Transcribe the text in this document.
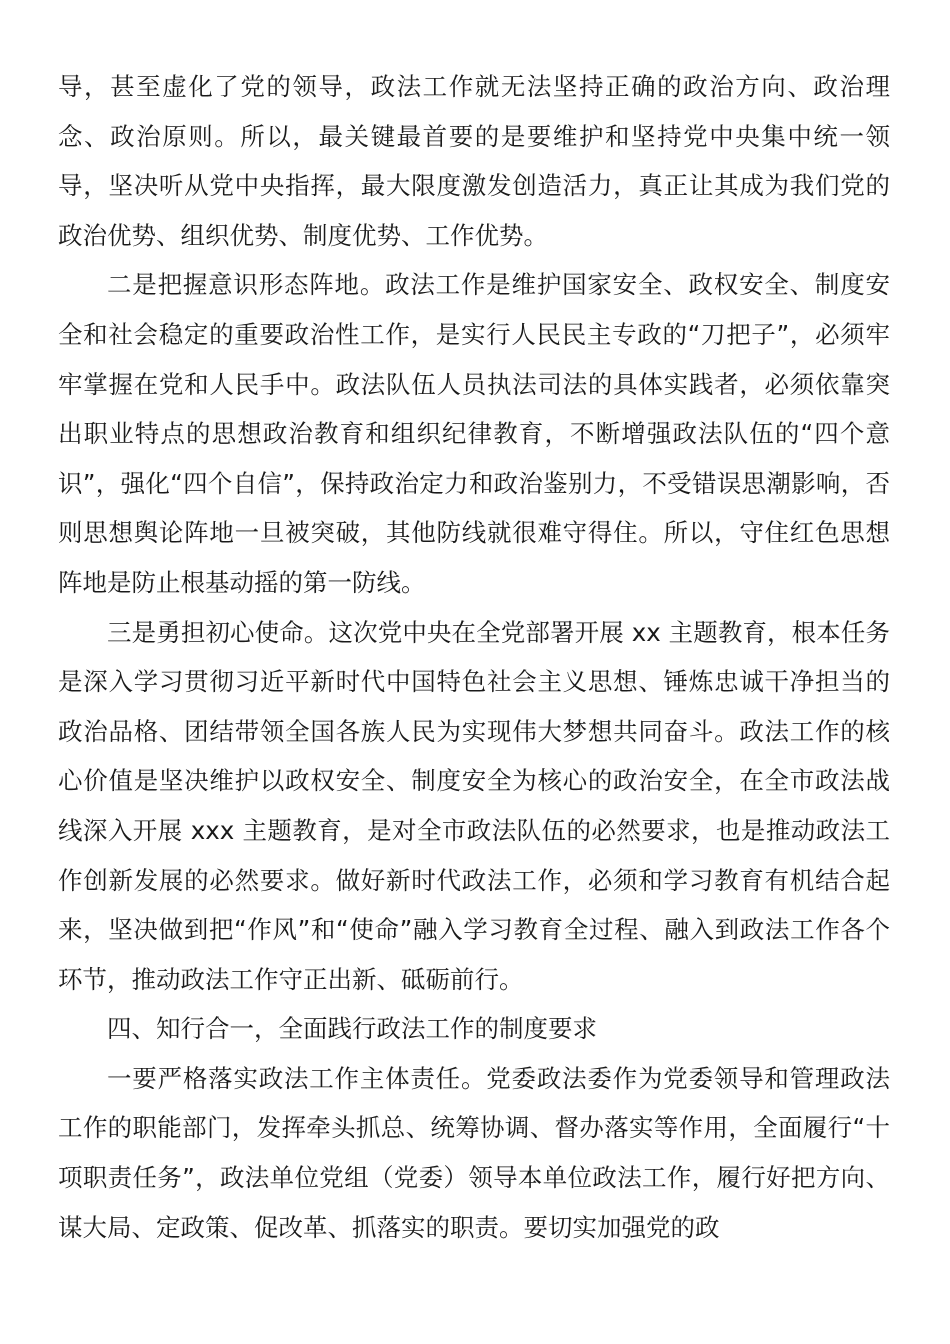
导，甚至虚化了党的领导，政法工作就无法坚持正确的政治方向、政治理念、政治原则。所以，最关键最首要的是要维护和坚持党中央集中统一领导，坚决听从党中央指挥，最大限度激发创造活力，真正让其成为我们党的政治优势、组织优势、制度优势、工作优势。

二是把握意识形态阵地。政法工作是维护国家安全、政权安全、制度安全和社会稳定的重要政治性工作，是实行人民民主专政的“刀把子”，必须牢牢掌握在党和人民手中。政法队伍人员执法司法的具体实践者，必须依靠突出职业特点的思想政治教育和组织纪律教育，不断增强政法队伍的“四个意识”，强化“四个自信”，保持政治定力和政治鉴别力，不受错误思潮影响，否则思想舆论阵地一旦被突破，其他防线就很难守得住。所以，守住红色思想阵地是防止根基动摇的第一防线。

三是勇担初心使命。这次党中央在全党部署开展 xx 主题教育，根本任务是深入学习贯彻习近平新时代中国特色社会主义思想、锤炼忠诚干净担当的政治品格、团结带领全国各族人民为实现伟大梦想共同奋斗。政法工作的核心价值是坚决维护以政权安全、制度安全为核心的政治安全，在全市政法战线深入开展 xxx 主题教育，是对全市政法队伍的必然要求，也是推动政法工作创新发展的必然要求。做好新时代政法工作，必须和学习教育有机结合起来，坚决做到把“作风”和“使命”融入学习教育全过程、融入到政法工作各个环节，推动政法工作守正出新、砥砺前行。

四、知行合一，全面践行政法工作的制度要求

一要严格落实政法工作主体责任。党委政法委作为党委领导和管理政法工作的职能部门，发挥牵头抓总、统筹协调、督办落实等作用，全面履行“十项职责任务”，政法单位党组（党委）领导本单位政法工作，履行好把方向、谋大局、定政策、促改革、抓落实的职责。要切实加强党的政
